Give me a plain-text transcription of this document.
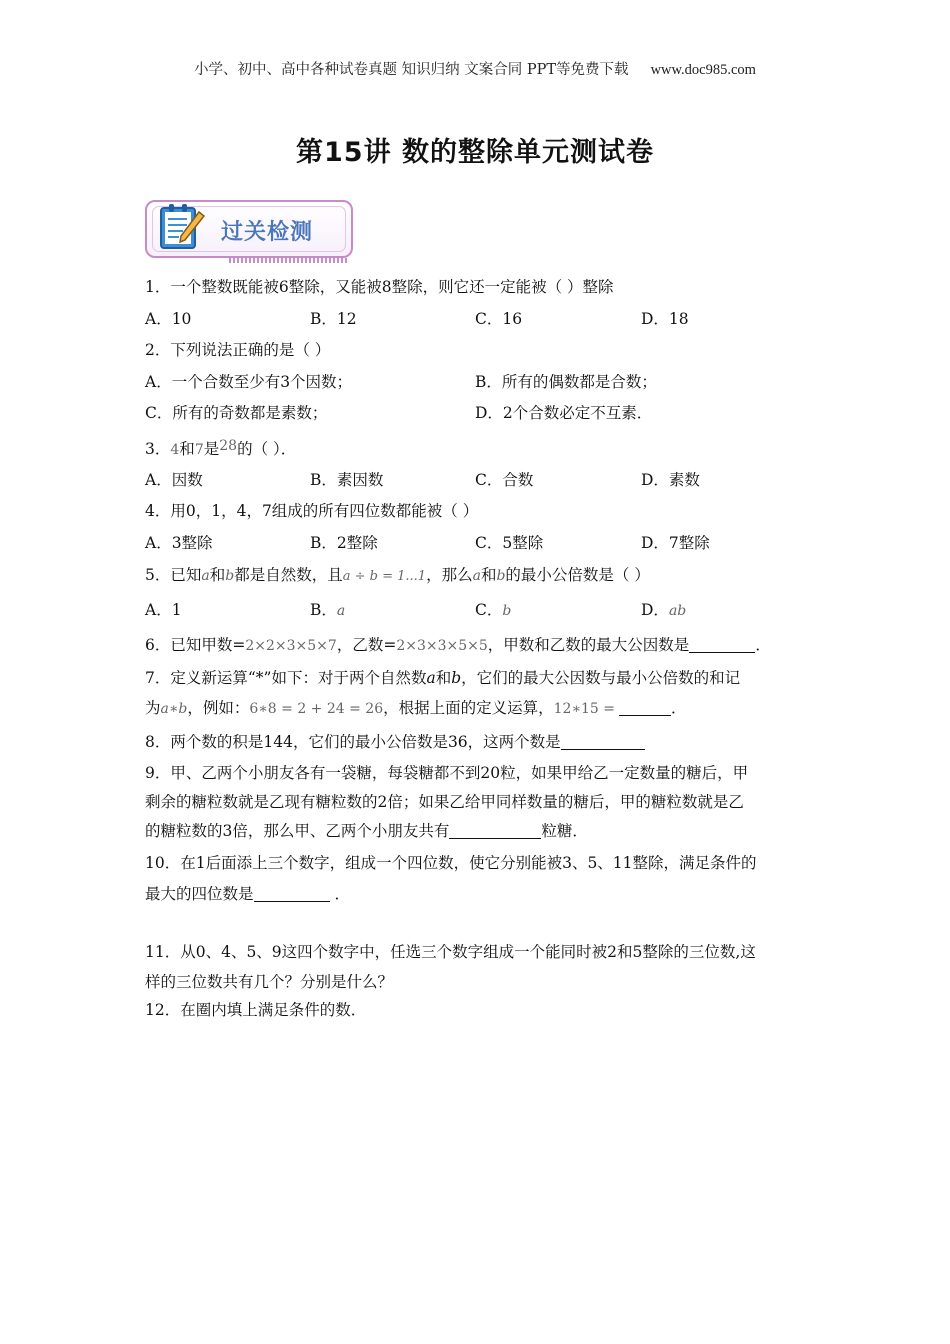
小学、初中、高中各种试卷真题 知识归纳 文案合同 PPT等免费下载 www.doc985.com
第15讲 数的整除单元测试卷
过关检测
1．一个整数既能被6整除，又能被8整除，则它还一定能被（ ）整除
A．10	B．12	C．16	D．18
2．下列说法正确的是（ ）
A．一个合数至少有3个因数；	B．所有的偶数都是合数；
C．所有的奇数都是素数；	D．2个合数必定不互素．
3．4和7是28的（ ）．
A．因数	B．素因数	C．合数	D．素数
4．用0，1，4，7组成的所有四位数都能被（ ）
A．3整除	B．2整除	C．5整除	D．7整除
5．已知a和b都是自然数，且a ÷ b = 1...1，那么a和b的最小公倍数是（ ）
A．1	B．a	C．b	D．ab
6．已知甲数=2×2×3×5×7，乙数=2×3×3×5×5，甲数和乙数的最大公因数是	．
7．定义新运算“*”如下：对于两个自然数a和b，它们的最大公因数与最小公倍数的和记
为a∗b，例如：6∗8 = 2 + 24 = 26，根据上面的定义运算，12∗15 =	．
8．两个数的积是144，它们的最小公倍数是36，这两个数是
9．甲、乙两个小朋友各有一袋糖，每袋糖都不到20粒，如果甲给乙一定数量的糖后，甲
剩余的糖粒数就是乙现有糖粒数的2倍；如果乙给甲同样数量的糖后，甲的糖粒数就是乙
的糖粒数的3倍，那么甲、乙两个小朋友共有	粒糖．
10．在1后面添上三个数字，组成一个四位数，使它分别能被3、5、11整除，满足条件的
最大的四位数是	．
11．从0、4、5、9这四个数字中，任选三个数字组成一个能同时被2和5整除的三位数,这
样的三位数共有几个？分别是什么？
12．在圈内填上满足条件的数．
